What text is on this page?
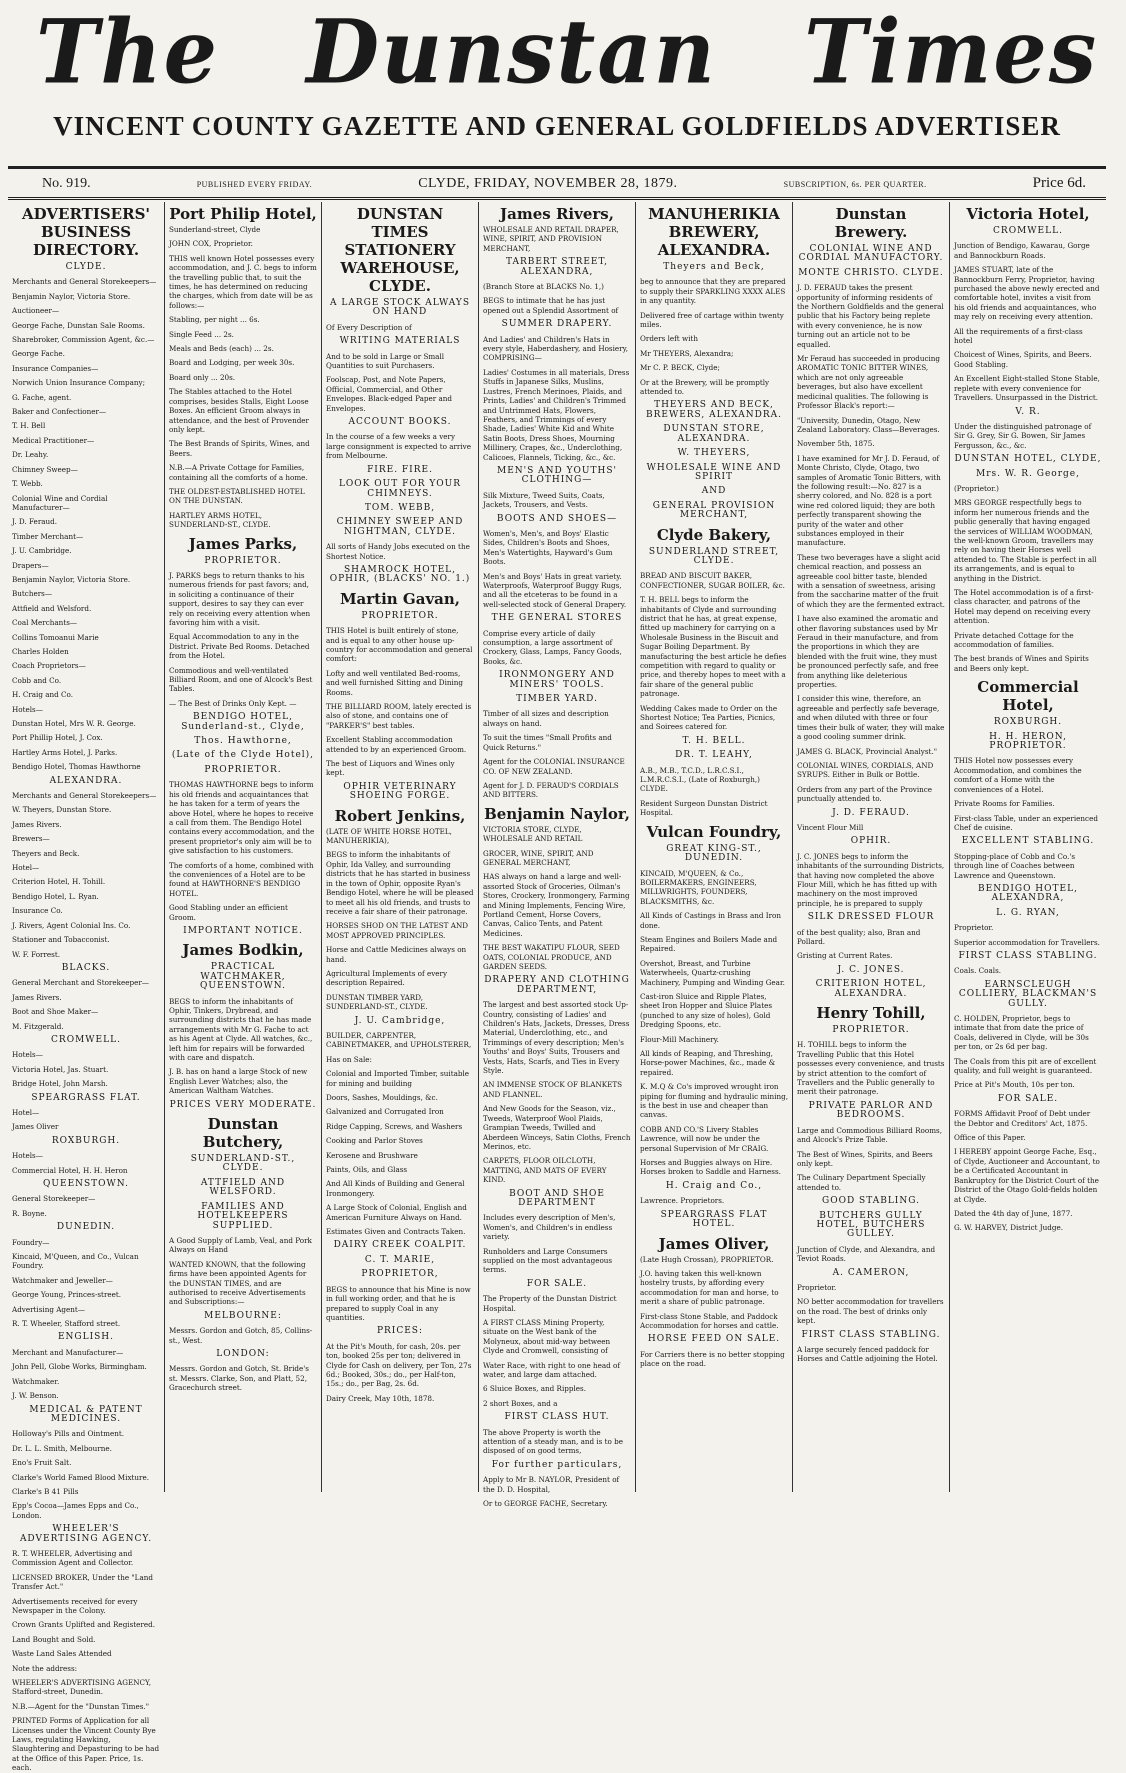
The Dunstan Times
VINCENT COUNTY GAZETTE AND GENERAL GOLDFIELDS ADVERTISER
No. 919.	PUBLISHED EVERY FRIDAY.	CLYDE, FRIDAY, NOVEMBER 28, 1879.	SUBSCRIPTION, 6s. PER QUARTER.	Price 6d.
ADVERTISERS' BUSINESS DIRECTORY.
CLYDE.
Merchants and General Storekeepers—
Benjamin Naylor, Victoria Store.
Auctioneer—
George Fache, Dunstan Sale Rooms.
Sharebroker, Commission Agent, &c.—
George Fache.
Insurance Companies—
Norwich Union Insurance Company;
G. Fache, agent.
Baker and Confectioner—
T. H. Bell
Medical Practitioner—
Dr. Leahy.
Chimney Sweep—
T. Webb.
Colonial Wine and Cordial Manufacturer—
J. D. Feraud.
Timber Merchant—
J. U. Cambridge.
Drapers—
Benjamin Naylor, Victoria Store.
Butchers—
Attfield and Welsford.
Coal Merchants—
Collins Tomoanui Marie
Charles Holden
Coach Proprietors—
Cobb and Co.
H. Craig and Co.
Hotels—
Dunstan Hotel, Mrs W. R. George.
Port Phillip Hotel, J. Cox.
Hartley Arms Hotel, J. Parks.
Bendigo Hotel, Thomas Hawthorne
ALEXANDRA.
Merchants and General Storekeepers—
W. Theyers, Dunstan Store.
James Rivers.
Brewers—
Theyers and Beck.
Hotel—
Criterion Hotel, H. Tohill.
Bendigo Hotel, L. Ryan.
Insurance Co.
J. Rivers, Agent Colonial Ins. Co.
Stationer and Tobacconist.
W. F. Forrest.
BLACKS.
General Merchant and Storekeeper—
James Rivers.
Boot and Shoe Maker—
M. Fitzgerald.
CROMWELL.
Hotels—
Victoria Hotel, Jas. Stuart.
Bridge Hotel, John Marsh.
SPEARGRASS FLAT.
Hotel—
James Oliver
ROXBURGH.
Hotels—
Commercial Hotel, H. H. Heron
QUEENSTOWN.
General Storekeeper—
R. Boyne.
DUNEDIN.
Foundry—
Kincaid, M'Queen, and Co., Vulcan Foundry.
Watchmaker and Jeweller—
George Young, Princes-street.
Advertising Agent—
R. T. Wheeler, Stafford street.
ENGLISH.
Merchant and Manufacturer—
John Pell, Globe Works, Birmingham.
Watchmaker.
J. W. Benson.
MEDICAL & PATENT MEDICINES.
Holloway's Pills and Ointment.
Dr. L. L. Smith, Melbourne.
Eno's Fruit Salt.
Clarke's World Famed Blood Mixture.
Clarke's B 41 Pills
Epp's Cocoa—James Epps and Co., London.
WHEELER'S ADVERTISING AGENCY.
R. T. WHEELER, Advertising and Commission Agent and Collector.
LICENSED BROKER, Under the "Land Transfer Act."
Advertisements received for every Newspaper in the Colony.
Crown Grants Uplifted and Registered.
Land Bought and Sold.
Waste Land Sales Attended
Note the address:
WHEELER'S ADVERTISING AGENCY, Stafford-street, Dunedin.
N.B.—Agent for the "Dunstan Times."
PRINTED Forms of Application for all Licenses under the Vincent County Bye Laws, regulating Hawking, Slaughtering and Depasturing to be had at the Office of this Paper. Price, 1s. each.
Port Philip Hotel,
Sunderland-street, Clyde
JOHN COX, Proprietor.
THIS well known Hotel possesses every accommodation, and J. C. begs to inform the travelling public that, to suit the times, he has determined on reducing the charges, which from date will be as follows:—
Stabling, per night ... 6s.
Single Feed ... 2s.
Meals and Beds (each) ... 2s.
Board and Lodging, per week 30s.
Board only ... 20s.
The Stables attached to the Hotel comprises, besides Stalls, Eight Loose Boxes. An efficient Groom always in attendance, and the best of Provender only kept.
The Best Brands of Spirits, Wines, and Beers.
N.B.—A Private Cottage for Families, containing all the comforts of a home.
THE OLDEST-ESTABLISHED HOTEL ON THE DUNSTAN.
HARTLEY ARMS HOTEL, SUNDERLAND-ST., CLYDE.
James Parks,
PROPRIETOR.
J. PARKS begs to return thanks to his numerous friends for past favors; and, in soliciting a continuance of their support, desires to say they can ever rely on receiving every attention when favoring him with a visit.
Equal Accommodation to any in the District. Private Bed Rooms. Detached from the Hotel.
Commodious and well-ventilated Billiard Room, and one of Alcock's Best Tables.
— The Best of Drinks Only Kept. —
BENDIGO HOTEL, Sunderland-st., Clyde,
Thos. Hawthorne,
(Late of the Clyde Hotel),
PROPRIETOR.
THOMAS HAWTHORNE begs to inform his old friends and acquaintances that he has taken for a term of years the above Hotel, where he hopes to receive a call from them. The Bendigo Hotel contains every accommodation, and the present proprietor's only aim will be to give satisfaction to his customers.
The comforts of a home, combined with the conveniences of a Hotel are to be found at HAWTHORNE'S BENDIGO HOTEL.
Good Stabling under an efficient Groom.
IMPORTANT NOTICE.
James Bodkin,
PRACTICAL WATCHMAKER, QUEENSTOWN.
BEGS to inform the inhabitants of Ophir, Tinkers, Drybread, and surrounding districts that he has made arrangements with Mr G. Fache to act as his Agent at Clyde. All watches, &c., left him for repairs will be forwarded with care and dispatch.
J. B. has on hand a large Stock of new English Lever Watches; also, the American Waltham Watches.
PRICES VERY MODERATE.
Dunstan Butchery,
SUNDERLAND-ST., CLYDE.
ATTFIELD AND WELSFORD.
FAMILIES AND HOTELKEEPERS SUPPLIED.
A Good Supply of Lamb, Veal, and Pork Always on Hand
WANTED KNOWN, that the following firms have been appointed Agents for the DUNSTAN TIMES, and are authorised to receive Advertisements and Subscriptions:—
MELBOURNE:
Messrs. Gordon and Gotch, 85, Collins-st., West.
LONDON:
Messrs. Gordon and Gotch, St. Bride's st. Messrs. Clarke, Son, and Platt, 52, Gracechurch street.
DUNSTAN TIMES STATIONERY WAREHOUSE, CLYDE.
A LARGE STOCK ALWAYS ON HAND
Of Every Description of
WRITING MATERIALS
And to be sold in Large or Small Quantities to suit Purchasers.
Foolscap, Post, and Note Papers, Official, Commercial, and Other Envelopes. Black-edged Paper and Envelopes.
ACCOUNT BOOKS.
In the course of a few weeks a very large consignment is expected to arrive from Melbourne.
FIRE. FIRE.
LOOK OUT FOR YOUR CHIMNEYS.
TOM. WEBB,
CHIMNEY SWEEP AND NIGHTMAN, CLYDE.
All sorts of Handy Jobs executed on the Shortest Notice.
SHAMROCK HOTEL, OPHIR, (BLACKS' NO. 1.)
Martin Gavan,
PROPRIETOR.
THIS Hotel is built entirely of stone, and is equal to any other house up-country for accommodation and general comfort:
Lofty and well ventilated Bed-rooms, and well furnished Sitting and Dining Rooms.
THE BILLIARD ROOM, lately erected is also of stone, and contains one of "PARKER'S" best tables.
Excellent Stabling accommodation attended to by an experienced Groom.
The best of Liquors and Wines only kept.
OPHIR VETERINARY SHOEING FORGE.
Robert Jenkins,
(LATE OF WHITE HORSE HOTEL, MANUHERIKIA),
BEGS to inform the inhabitants of Ophir, Ida Valley, and surrounding districts that he has started in business in the town of Ophir, opposite Ryan's Bendigo Hotel, where he will be pleased to meet all his old friends, and trusts to receive a fair share of their patronage.
HORSES SHOD ON THE LATEST AND MOST APPROVED PRINCIPLES.
Horse and Cattle Medicines always on hand.
Agricultural Implements of every description Repaired.
DUNSTAN TIMBER YARD, SUNDERLAND-ST., CLYDE.
J. U. Cambridge,
BUILDER, CARPENTER, CABINETMAKER, and UPHOLSTERER,
Has on Sale:
Colonial and Imported Timber, suitable for mining and building
Doors, Sashes, Mouldings, &c.
Galvanized and Corrugated Iron
Ridge Capping, Screws, and Washers
Cooking and Parlor Stoves
Kerosene and Brushware
Paints, Oils, and Glass
And All Kinds of Building and General Ironmongery.
A Large Stock of Colonial, English and American Furniture Always on Hand.
Estimates Given and Contracts Taken.
DAIRY CREEK COALPIT.
C. T. MARIE,
PROPRIETOR,
BEGS to announce that his Mine is now in full working order, and that he is prepared to supply Coal in any quantities.
PRICES:
At the Pit's Mouth, for cash, 20s. per ton, booked 25s per ton; delivered in Clyde for Cash on delivery, per Ton, 27s 6d.; Booked, 30s.; do., per Half-ton, 15s.; do., per Bag, 2s. 6d.
Dairy Creek, May 10th, 1878.
James Rivers,
WHOLESALE AND RETAIL DRAPER, WINE, SPIRIT, AND PROVISION MERCHANT,
TARBERT STREET, ALEXANDRA,
(Branch Store at BLACKS No. 1,)
BEGS to intimate that he has just opened out a Splendid Assortment of
SUMMER DRAPERY.
And Ladies' and Children's Hats in every style, Haberdashery, and Hosiery, COMPRISING—
Ladies' Costumes in all materials, Dress Stuffs in Japanese Silks, Muslins, Lustres, French Merinoes, Plaids, and Prints, Ladies' and Children's Trimmed and Untrimmed Hats, Flowers, Feathers, and Trimmings of every Shade, Ladies' White Kid and White Satin Boots, Dress Shoes, Mourning Millinery, Crapes, &c., Underclothing, Calicoes, Flannels, Ticking, &c., &c.
MEN'S AND YOUTHS' CLOTHING—
Silk Mixture, Tweed Suits, Coats, Jackets, Trousers, and Vests.
BOOTS AND SHOES—
Women's, Men's, and Boys' Elastic Sides, Children's Boots and Shoes, Men's Watertights, Hayward's Gum Boots.
Men's and Boys' Hats in great variety. Waterproofs, Waterproof Buggy Rugs, and all the etceteras to be found in a well-selected stock of General Drapery.
THE GENERAL STORES
Comprise every article of daily consumption, a large assortment of Crockery, Glass, Lamps, Fancy Goods, Books, &c.
IRONMONGERY AND MINERS' TOOLS.
TIMBER YARD.
Timber of all sizes and description always on hand.
To suit the times "Small Profits and Quick Returns."
Agent for the COLONIAL INSURANCE CO. OF NEW ZEALAND.
Agent for J. D. FERAUD'S CORDIALS AND BITTERS.
Benjamin Naylor,
VICTORIA STORE, CLYDE, WHOLESALE AND RETAIL
GROCER, WINE, SPIRIT, AND GENERAL MERCHANT,
HAS always on hand a large and well-assorted Stock of Groceries, Oilman's Stores, Crockery, Ironmongery, Farming and Mining Implements, Fencing Wire, Portland Cement, Horse Covers, Canvas, Calico Tents, and Patent Medicines.
THE BEST WAKATIPU FLOUR, SEED OATS, COLONIAL PRODUCE, AND GARDEN SEEDS.
DRAPERY AND CLOTHING DEPARTMENT,
The largest and best assorted stock Up-Country, consisting of Ladies' and Children's Hats, Jackets, Dresses, Dress Material, Underclothing, etc., and Trimmings of every description; Men's Youths' and Boys' Suits, Trousers and Vests, Hats, Scarfs, and Ties in Every Style.
AN IMMENSE STOCK OF BLANKETS AND FLANNEL.
And New Goods for the Season, viz., Tweeds, Waterproof Wool Plaids, Grampian Tweeds, Twilled and Aberdeen Winceys, Satin Cloths, French Merinos, etc.
CARPETS, FLOOR OILCLOTH, MATTING, AND MATS OF EVERY KIND.
BOOT AND SHOE DEPARTMENT
Includes every description of Men's, Women's, and Children's in endless variety.
Runholders and Large Consumers supplied on the most advantageous terms.
FOR SALE.
The Property of the Dunstan District Hospital.
A FIRST CLASS Mining Property, situate on the West bank of the Molyneux, about mid-way between Clyde and Cromwell, consisting of
Water Race, with right to one head of water, and large dam attached.
6 Sluice Boxes, and Ripples.
2 short Boxes, and a
FIRST CLASS HUT.
The above Property is worth the attention of a steady man, and is to be disposed of on good terms,
For further particulars,
Apply to Mr B. NAYLOR, President of the D. D. Hospital,
Or to GEORGE FACHE, Secretary.
MANUHERIKIA BREWERY, ALEXANDRA.
Theyers and Beck,
beg to announce that they are prepared to supply their SPARKLING XXXX ALES in any quantity.
Delivered free of cartage within twenty miles.
Orders left with
Mr THEYERS, Alexandra;
Mr C. P. BECK, Clyde;
Or at the Brewery, will be promptly attended to.
THEYERS AND BECK, BREWERS, ALEXANDRA.
DUNSTAN STORE, ALEXANDRA.
W. THEYERS,
WHOLESALE WINE AND SPIRIT
AND
GENERAL PROVISION MERCHANT,
Clyde Bakery,
SUNDERLAND STREET, CLYDE.
BREAD AND BISCUIT BAKER, CONFECTIONER, SUGAR BOILER, &c.
T. H. BELL begs to inform the inhabitants of Clyde and surrounding district that he has, at great expense, fitted up machinery for carrying on a Wholesale Business in the Biscuit and Sugar Boiling Department. By manufacturing the best article he defies competition with regard to quality or price, and thereby hopes to meet with a fair share of the general public patronage.
Wedding Cakes made to Order on the Shortest Notice; Tea Parties, Picnics, and Soirees catered for.
T. H. BELL.
DR. T. LEAHY,
A.B., M.B., T.C.D., L.R.C.S.I., L.M.R.C.S.I., (Late of Roxburgh,) CLYDE.
Resident Surgeon Dunstan District Hospital.
Vulcan Foundry,
GREAT KING-ST., DUNEDIN.
KINCAID, M'QUEEN, & Co., BOILERMAKERS, ENGINEERS, MILLWRIGHTS, FOUNDERS, BLACKSMITHS, &c.
All Kinds of Castings in Brass and Iron done.
Steam Engines and Boilers Made and Repaired.
Overshot, Breast, and Turbine Waterwheels, Quartz-crushing Machinery, Pumping and Winding Gear.
Cast-iron Sluice and Ripple Plates, sheet Iron Hopper and Sluice Plates (punched to any size of holes), Gold Dredging Spoons, etc.
Flour-Mill Machinery.
All kinds of Reaping, and Threshing, Horse-power Machines, &c., made & repaired.
K. M.Q & Co's improved wrought iron piping for fluming and hydraulic mining, is the best in use and cheaper than canvas.
COBB AND CO.'S Livery Stables Lawrence, will now be under the personal Supervision of Mr CRAIG.
Horses and Buggies always on Hire. Horses broken to Saddle and Harness.
H. Craig and Co.,
Lawrence. Proprietors.
SPEARGRASS FLAT HOTEL.
James Oliver,
(Late Hugh Crossan), PROPRIETOR.
J.O. having taken this well-known hostelry trusts, by affording every accommodation for man and horse, to merit a share of public patronage.
First-class Stone Stable, and Paddock Accommodation for horses and cattle.
HORSE FEED ON SALE.
For Carriers there is no better stopping place on the road.
Dunstan Brewery.
COLONIAL WINE AND CORDIAL MANUFACTORY.
MONTE CHRISTO. CLYDE.
J. D. FERAUD takes the present opportunity of informing residents of the Northern Goldfields and the general public that his Factory being replete with every convenience, he is now turning out an article not to be equalled.
Mr Feraud has succeeded in producing AROMATIC TONIC BITTER WINES, which are not only agreeable beverages, but also have excellent medicinal qualities. The following is Professor Black's report:—
"University, Dunedin, Otago, New Zealand Laboratory. Class—Beverages.
November 5th, 1875.
I have examined for Mr J. D. Feraud, of Monte Christo, Clyde, Otago, two samples of Aromatic Tonic Bitters, with the following result:—No. 827 is a sherry colored, and No. 828 is a port wine red colored liquid; they are both perfectly transparent showing the purity of the water and other substances employed in their manufacture.
These two beverages have a slight acid chemical reaction, and possess an agreeable cool bitter taste, blended with a sensation of sweetness, arising from the saccharine matter of the fruit of which they are the fermented extract.
I have also examined the aromatic and other flavoring substances used by Mr Feraud in their manufacture, and from the proportions in which they are blended with the fruit wine, they must be pronounced perfectly safe, and free from anything like deleterious properties.
I consider this wine, therefore, an agreeable and perfectly safe beverage, and when diluted with three or four times their bulk of water, they will make a good cooling summer drink.
JAMES G. BLACK, Provincial Analyst."
COLONIAL WINES, CORDIALS, AND SYRUPS. Either in Bulk or Bottle.
Orders from any part of the Province punctually attended to.
J. D. FERAUD.
Vincent Flour Mill
OPHIR.
J. C. JONES begs to inform the inhabitants of the surrounding Districts, that having now completed the above Flour Mill, which he has fitted up with machinery on the most improved principle, he is prepared to supply
SILK DRESSED FLOUR
of the best quality; also, Bran and Pollard.
Gristing at Current Rates.
J. C. JONES.
CRITERION HOTEL, ALEXANDRA.
Henry Tohill,
PROPRIETOR.
H. TOHILL begs to inform the Travelling Public that this Hotel possesses every convenience, and trusts by strict attention to the comfort of Travellers and the Public generally to merit their patronage.
PRIVATE PARLOR AND BEDROOMS.
Large and Commodious Billiard Rooms, and Alcock's Prize Table.
The Best of Wines, Spirits, and Beers only kept.
The Culinary Department Specially attended to.
GOOD STABLING.
BUTCHERS GULLY HOTEL, BUTCHERS GULLEY.
Junction of Clyde, and Alexandra, and Teviot Roads.
A. CAMERON,
Proprietor.
NO better accommodation for travellers on the road. The best of drinks only kept.
FIRST CLASS STABLING.
A large securely fenced paddock for Horses and Cattle adjoining the Hotel.
Victoria Hotel,
CROMWELL.
Junction of Bendigo, Kawarau, Gorge and Bannockburn Roads.
JAMES STUART, late of the Bannockburn Ferry, Proprietor, having purchased the above newly erected and comfortable hotel, invites a visit from his old friends and acquaintances, who may rely on receiving every attention.
All the requirements of a first-class hotel
Choicest of Wines, Spirits, and Beers. Good Stabling.
An Excellent Eight-stalled Stone Stable, replete with every convenience for Travellers. Unsurpassed in the District.
V. R.
Under the distinguished patronage of Sir G. Grey, Sir G. Bowen, Sir James Fergusson, &c., &c.
DUNSTAN HOTEL, CLYDE,
Mrs. W. R. George,
(Proprietor.)
MRS GEORGE respectfully begs to inform her numerous friends and the public generally that having engaged the services of WILLIAM WOODMAN, the well-known Groom, travellers may rely on having their Horses well attended to. The Stable is perfect in all its arrangements, and is equal to anything in the District.
The Hotel accommodation is of a first-class character, and patrons of the Hotel may depend on receiving every attention.
Private detached Cottage for the accommodation of families.
The best brands of Wines and Spirits and Beers only kept.
Commercial Hotel,
ROXBURGH.
H. H. HERON, PROPRIETOR.
THIS Hotel now possesses every Accommodation, and combines the comfort of a Home with the conveniences of a Hotel.
Private Rooms for Families.
First-class Table, under an experienced Chef de cuisine.
EXCELLENT STABLING.
Stopping-place of Cobb and Co.'s through line of Coaches between Lawrence and Queenstown.
BENDIGO HOTEL, ALEXANDRA,
L. G. RYAN,
Proprietor.
Superior accommodation for Travellers.
FIRST CLASS STABLING.
Coals. Coals.
EARNSCLEUGH COLLIERY, BLACKMAN'S GULLY.
C. HOLDEN, Proprietor, begs to intimate that from date the price of Coals, delivered in Clyde, will be 30s per ton, or 2s 6d per bag.
The Coals from this pit are of excellent quality, and full weight is guaranteed.
Price at Pit's Mouth, 10s per ton.
FOR SALE.
FORMS Affidavit Proof of Debt under the Debtor and Creditors' Act, 1875.
Office of this Paper.
I HEREBY appoint George Fache, Esq., of Clyde, Auctioneer and Accountant, to be a Certificated Accountant in Bankruptcy for the District Court of the District of the Otago Gold-fields holden at Clyde.
Dated the 4th day of June, 1877.
G. W. HARVEY, District Judge.
